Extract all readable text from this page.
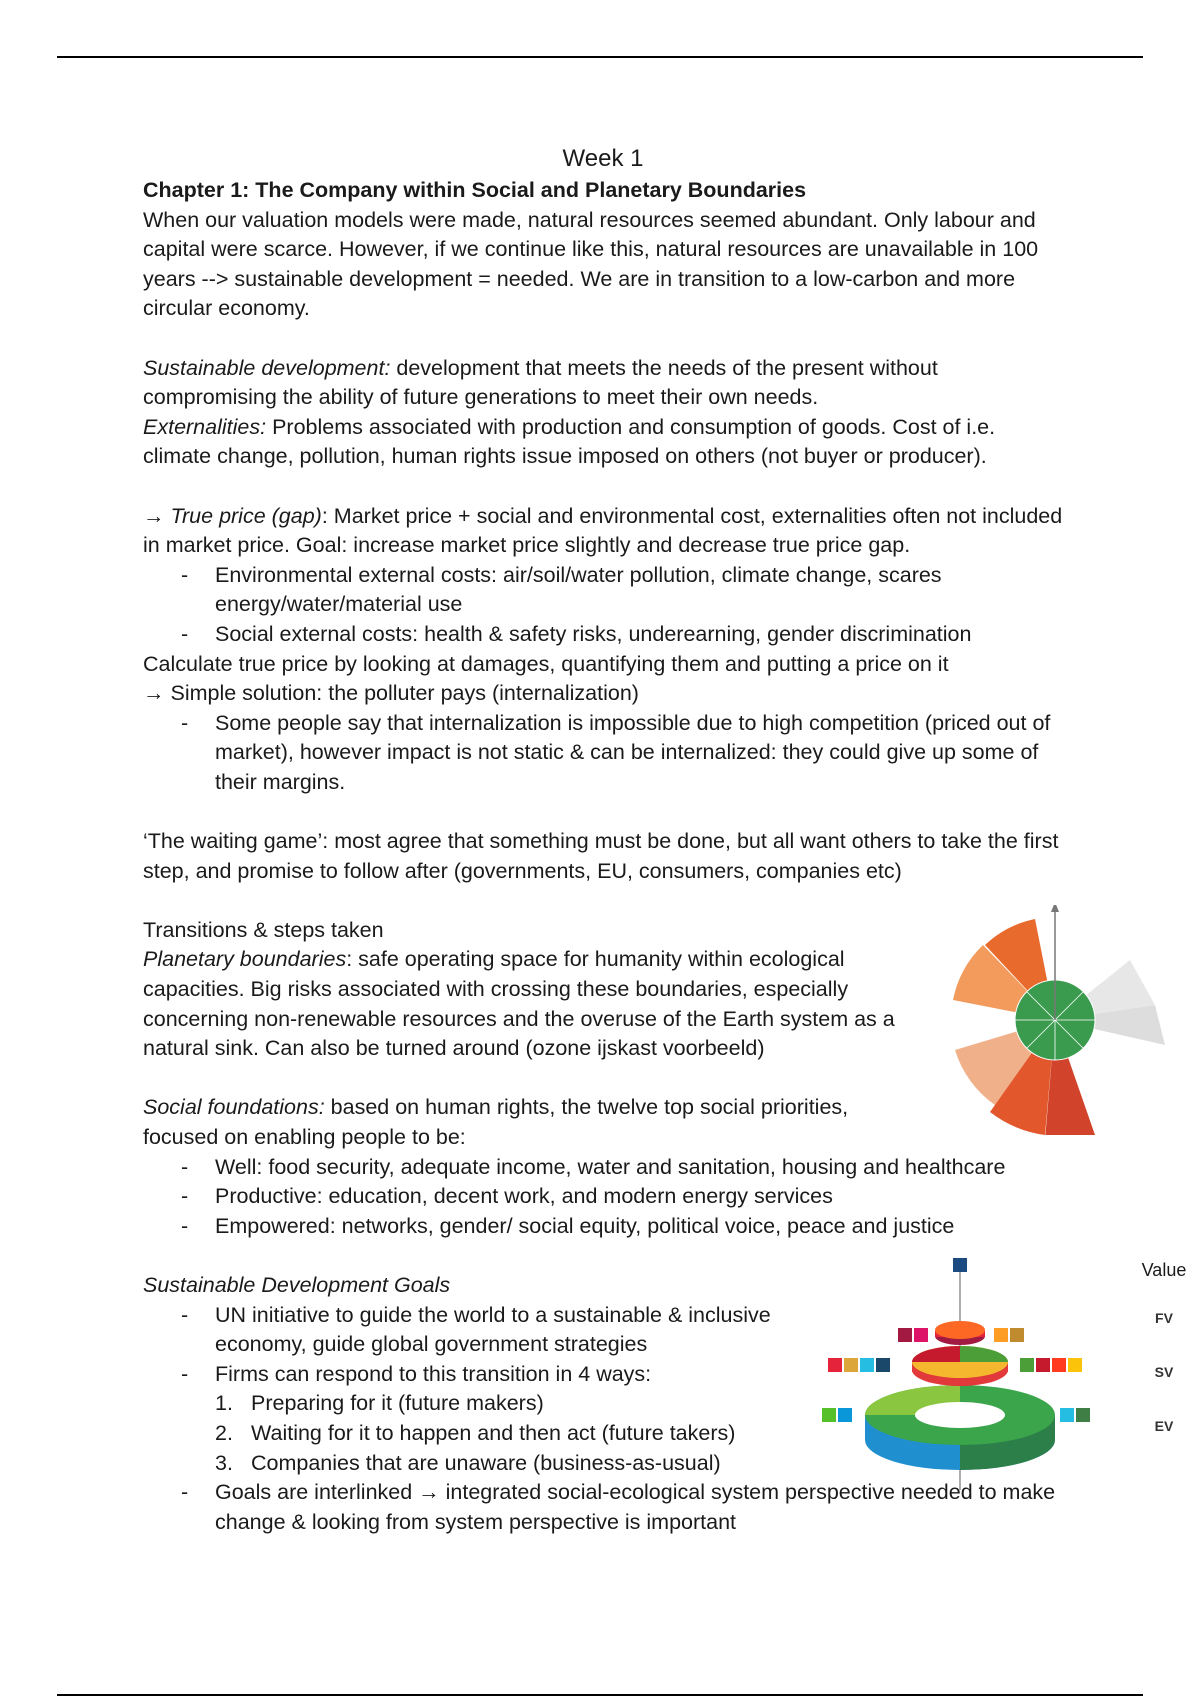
Week 1

Chapter 1: The Company within Social and Planetary Boundaries

When our valuation models were made, natural resources seemed abundant. Only labour and capital were scarce. However, if we continue like this, natural resources are unavailable in 100 years --> sustainable development = needed. We are in transition to a low-carbon and more circular economy.

Sustainable development: development that meets the needs of the present without compromising the ability of future generations to meet their own needs.

Externalities: Problems associated with production and consumption of goods. Cost of i.e. climate change, pollution, human rights issue imposed on others (not buyer or producer).

→ True price (gap): Market price + social and environmental cost, externalities often not included in market price. Goal: increase market price slightly and decrease true price gap.

- Environmental external costs: air/soil/water pollution, climate change, scares energy/water/material use
- Social external costs: health & safety risks, underearning, gender discrimination

Calculate true price by looking at damages, quantifying them and putting a price on it

→ Simple solution: the polluter pays (internalization)

- Some people say that internalization is impossible due to high competition (priced out of market), however impact is not static & can be internalized: they could give up some of their margins.

‘The waiting game’: most agree that something must be done, but all want others to take the first step, and promise to follow after (governments, EU, consumers, companies etc)

Transitions & steps taken

Planetary boundaries: safe operating space for humanity within ecological capacities. Big risks associated with crossing these boundaries, especially concerning non-renewable resources and the overuse of the Earth system as a natural sink. Can also be turned around (ozone ijskast voorbeeld)

Social foundations: based on human rights, the twelve top social priorities, focused on enabling people to be:

- Well: food security, adequate income, water and sanitation, housing and healthcare
- Productive: education, decent work, and modern energy services
- Empowered: networks, gender/ social equity, political voice, peace and justice

Sustainable Development Goals

- UN initiative to guide the world to a sustainable & inclusive economy, guide global government strategies
- Firms can respond to this transition in 4 ways:
1. Preparing for it (future makers)
2. Waiting for it to happen and then act (future takers)
3. Companies that are unaware (business-as-usual)
- Goals are interlinked → integrated social-ecological system perspective needed to make change & looking from system perspective is important
Value
FV
SV
EV
